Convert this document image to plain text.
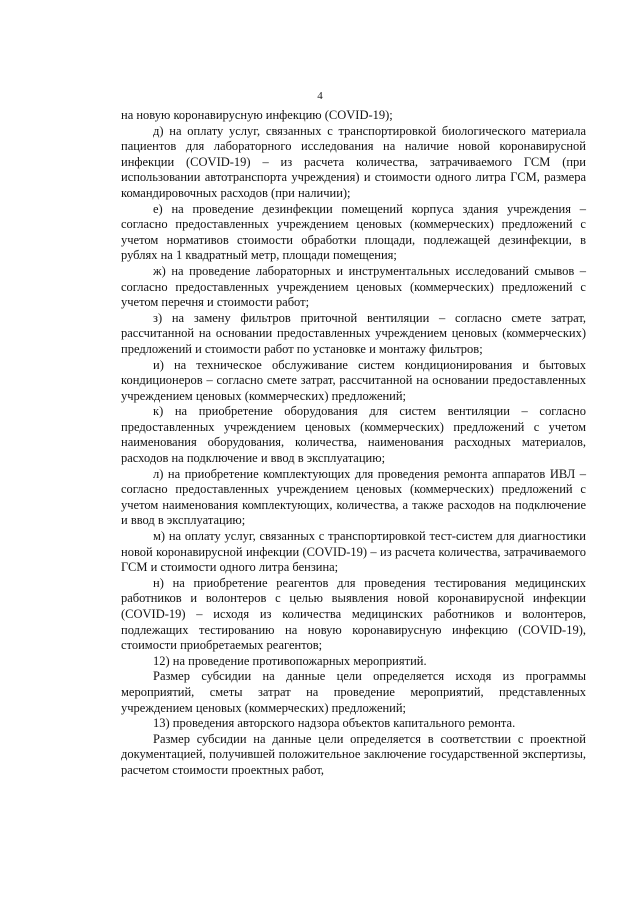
4

на новую коронавирусную инфекцию (COVID-19);

д) на оплату услуг, связанных с транспортировкой биологического материала пациентов для лабораторного исследования на наличие новой коронавирусной инфекции (COVID-19) – из расчета количества, затрачиваемого ГСМ (при использовании автотранспорта учреждения) и стоимости одного литра ГСМ, размера командировочных расходов (при наличии);

е) на проведение дезинфекции помещений корпуса здания учреждения – согласно предоставленных учреждением ценовых (коммерческих) предложений с учетом нормативов стоимости обработки площади, подлежащей дезинфекции, в рублях на 1 квадратный метр, площади помещения;

ж) на проведение лабораторных и инструментальных исследований смывов – согласно предоставленных учреждением ценовых (коммерческих) предложений с учетом перечня и стоимости работ;

з) на замену фильтров приточной вентиляции – согласно смете затрат, рассчитанной на основании предоставленных учреждением ценовых (коммерческих) предложений и стоимости работ по установке и монтажу фильтров;

и) на техническое обслуживание систем кондиционирования и бытовых кондиционеров – согласно смете затрат, рассчитанной на основании предоставленных учреждением ценовых (коммерческих) предложений;

к) на приобретение оборудования для систем вентиляции – согласно предоставленных учреждением ценовых (коммерческих) предложений с учетом наименования оборудования, количества, наименования расходных материалов, расходов на подключение и ввод в эксплуатацию;

л) на приобретение комплектующих для проведения ремонта аппаратов ИВЛ – согласно предоставленных учреждением ценовых (коммерческих) предложений с учетом наименования комплектующих, количества, а также расходов на подключение и ввод в эксплуатацию;

м) на оплату услуг, связанных с транспортировкой тест-систем для диагностики новой коронавирусной инфекции (COVID-19) – из расчета количества, затрачиваемого ГСМ и стоимости одного литра бензина;

н) на приобретение реагентов для проведения тестирования медицинских работников и волонтеров с целью выявления новой коронавирусной инфекции (COVID-19) – исходя из количества медицинских работников и волонтеров, подлежащих тестированию на новую коронавирусную инфекцию (COVID-19), стоимости приобретаемых реагентов;

12) на проведение противопожарных мероприятий.

Размер субсидии на данные цели определяется исходя из программы мероприятий, сметы затрат на проведение мероприятий, представленных учреждением ценовых (коммерческих) предложений;

13) проведения авторского надзора объектов капитального ремонта.

Размер субсидии на данные цели определяется в соответствии с проектной документацией, получившей положительное заключение государственной экспертизы, расчетом стоимости проектных работ,
